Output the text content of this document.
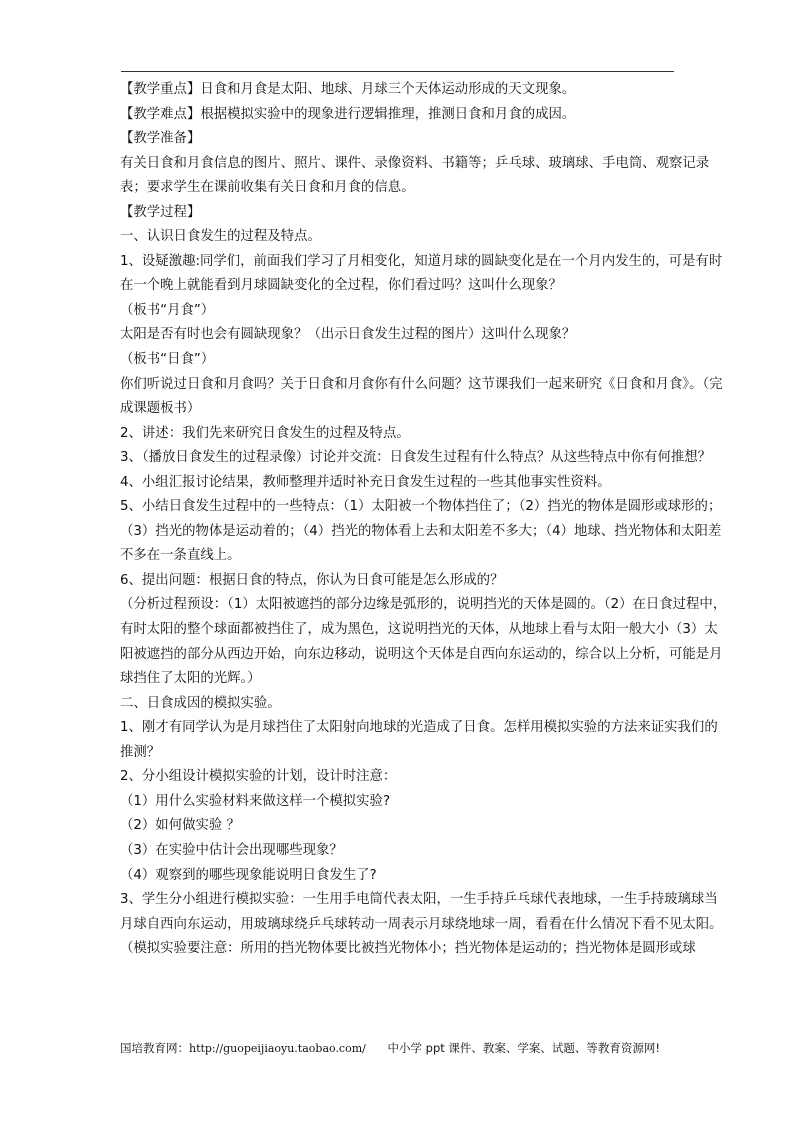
【教学重点】日食和月食是太阳、地球、月球三个天体运动形成的天文现象。

【教学难点】根据模拟实验中的现象进行逻辑推理，推测日食和月食的成因。

【教学准备】

有关日食和月食信息的图片、照片、课件、录像资料、书籍等；乒乓球、玻璃球、手电筒、观察记录表；要求学生在课前收集有关日食和月食的信息。

【教学过程】

一、认识日食发生的过程及特点。

1、设疑激趣:同学们，前面我们学习了月相变化，知道月球的圆缺变化是在一个月内发生的，可是有时在一个晚上就能看到月球圆缺变化的全过程，你们看过吗？这叫什么现象？

（板书“月食”）

太阳是否有时也会有圆缺现象？（出示日食发生过程的图片）这叫什么现象？

（板书“日食”）

你们听说过日食和月食吗？关于日食和月食你有什么问题？这节课我们一起来研究《日食和月食》。（完成课题板书）

2、讲述：我们先来研究日食发生的过程及特点。

3、（播放日食发生的过程录像）讨论并交流：日食发生过程有什么特点？从这些特点中你有何推想？

4、小组汇报讨论结果，教师整理并适时补充日食发生过程的一些其他事实性资料。

5、小结日食发生过程中的一些特点：（1）太阳被一个物体挡住了；（2）挡光的物体是圆形或球形的；（3）挡光的物体是运动着的；（4）挡光的物体看上去和太阳差不多大；（4）地球、挡光物体和太阳差不多在一条直线上。

6、提出问题：根据日食的特点，你认为日食可能是怎么形成的？

（分析过程预设：（1）太阳被遮挡的部分边缘是弧形的，说明挡光的天体是圆的。（2）在日食过程中，有时太阳的整个球面都被挡住了，成为黑色，这说明挡光的天体，从地球上看与太阳一般大小（3）太阳被遮挡的部分从西边开始，向东边移动，说明这个天体是自西向东运动的，综合以上分析，可能是月球挡住了太阳的光辉。）

二、日食成因的模拟实验。

1、刚才有同学认为是月球挡住了太阳射向地球的光造成了日食。怎样用模拟实验的方法来证实我们的推测？

2、分小组设计模拟实验的计划，设计时注意：

（1）用什么实验材料来做这样一个模拟实验?

（2）如何做实验 ？

（3）在实验中估计会出现哪些现象？

（4）观察到的哪些现象能说明日食发生了?

3、学生分小组进行模拟实验：一生用手电筒代表太阳，一生手持乒乓球代表地球，一生手持玻璃球当月球自西向东运动，用玻璃球绕乒乓球转动一周表示月球绕地球一周，看看在什么情况下看不见太阳。

（模拟实验要注意：所用的挡光物体要比被挡光物体小；挡光物体是运动的；挡光物体是圆形或球

国培教育网：http://guopeijiaoyu.taobao.com/ 中小学 ppt 课件、教案、学案、试题、等教育资源网!
